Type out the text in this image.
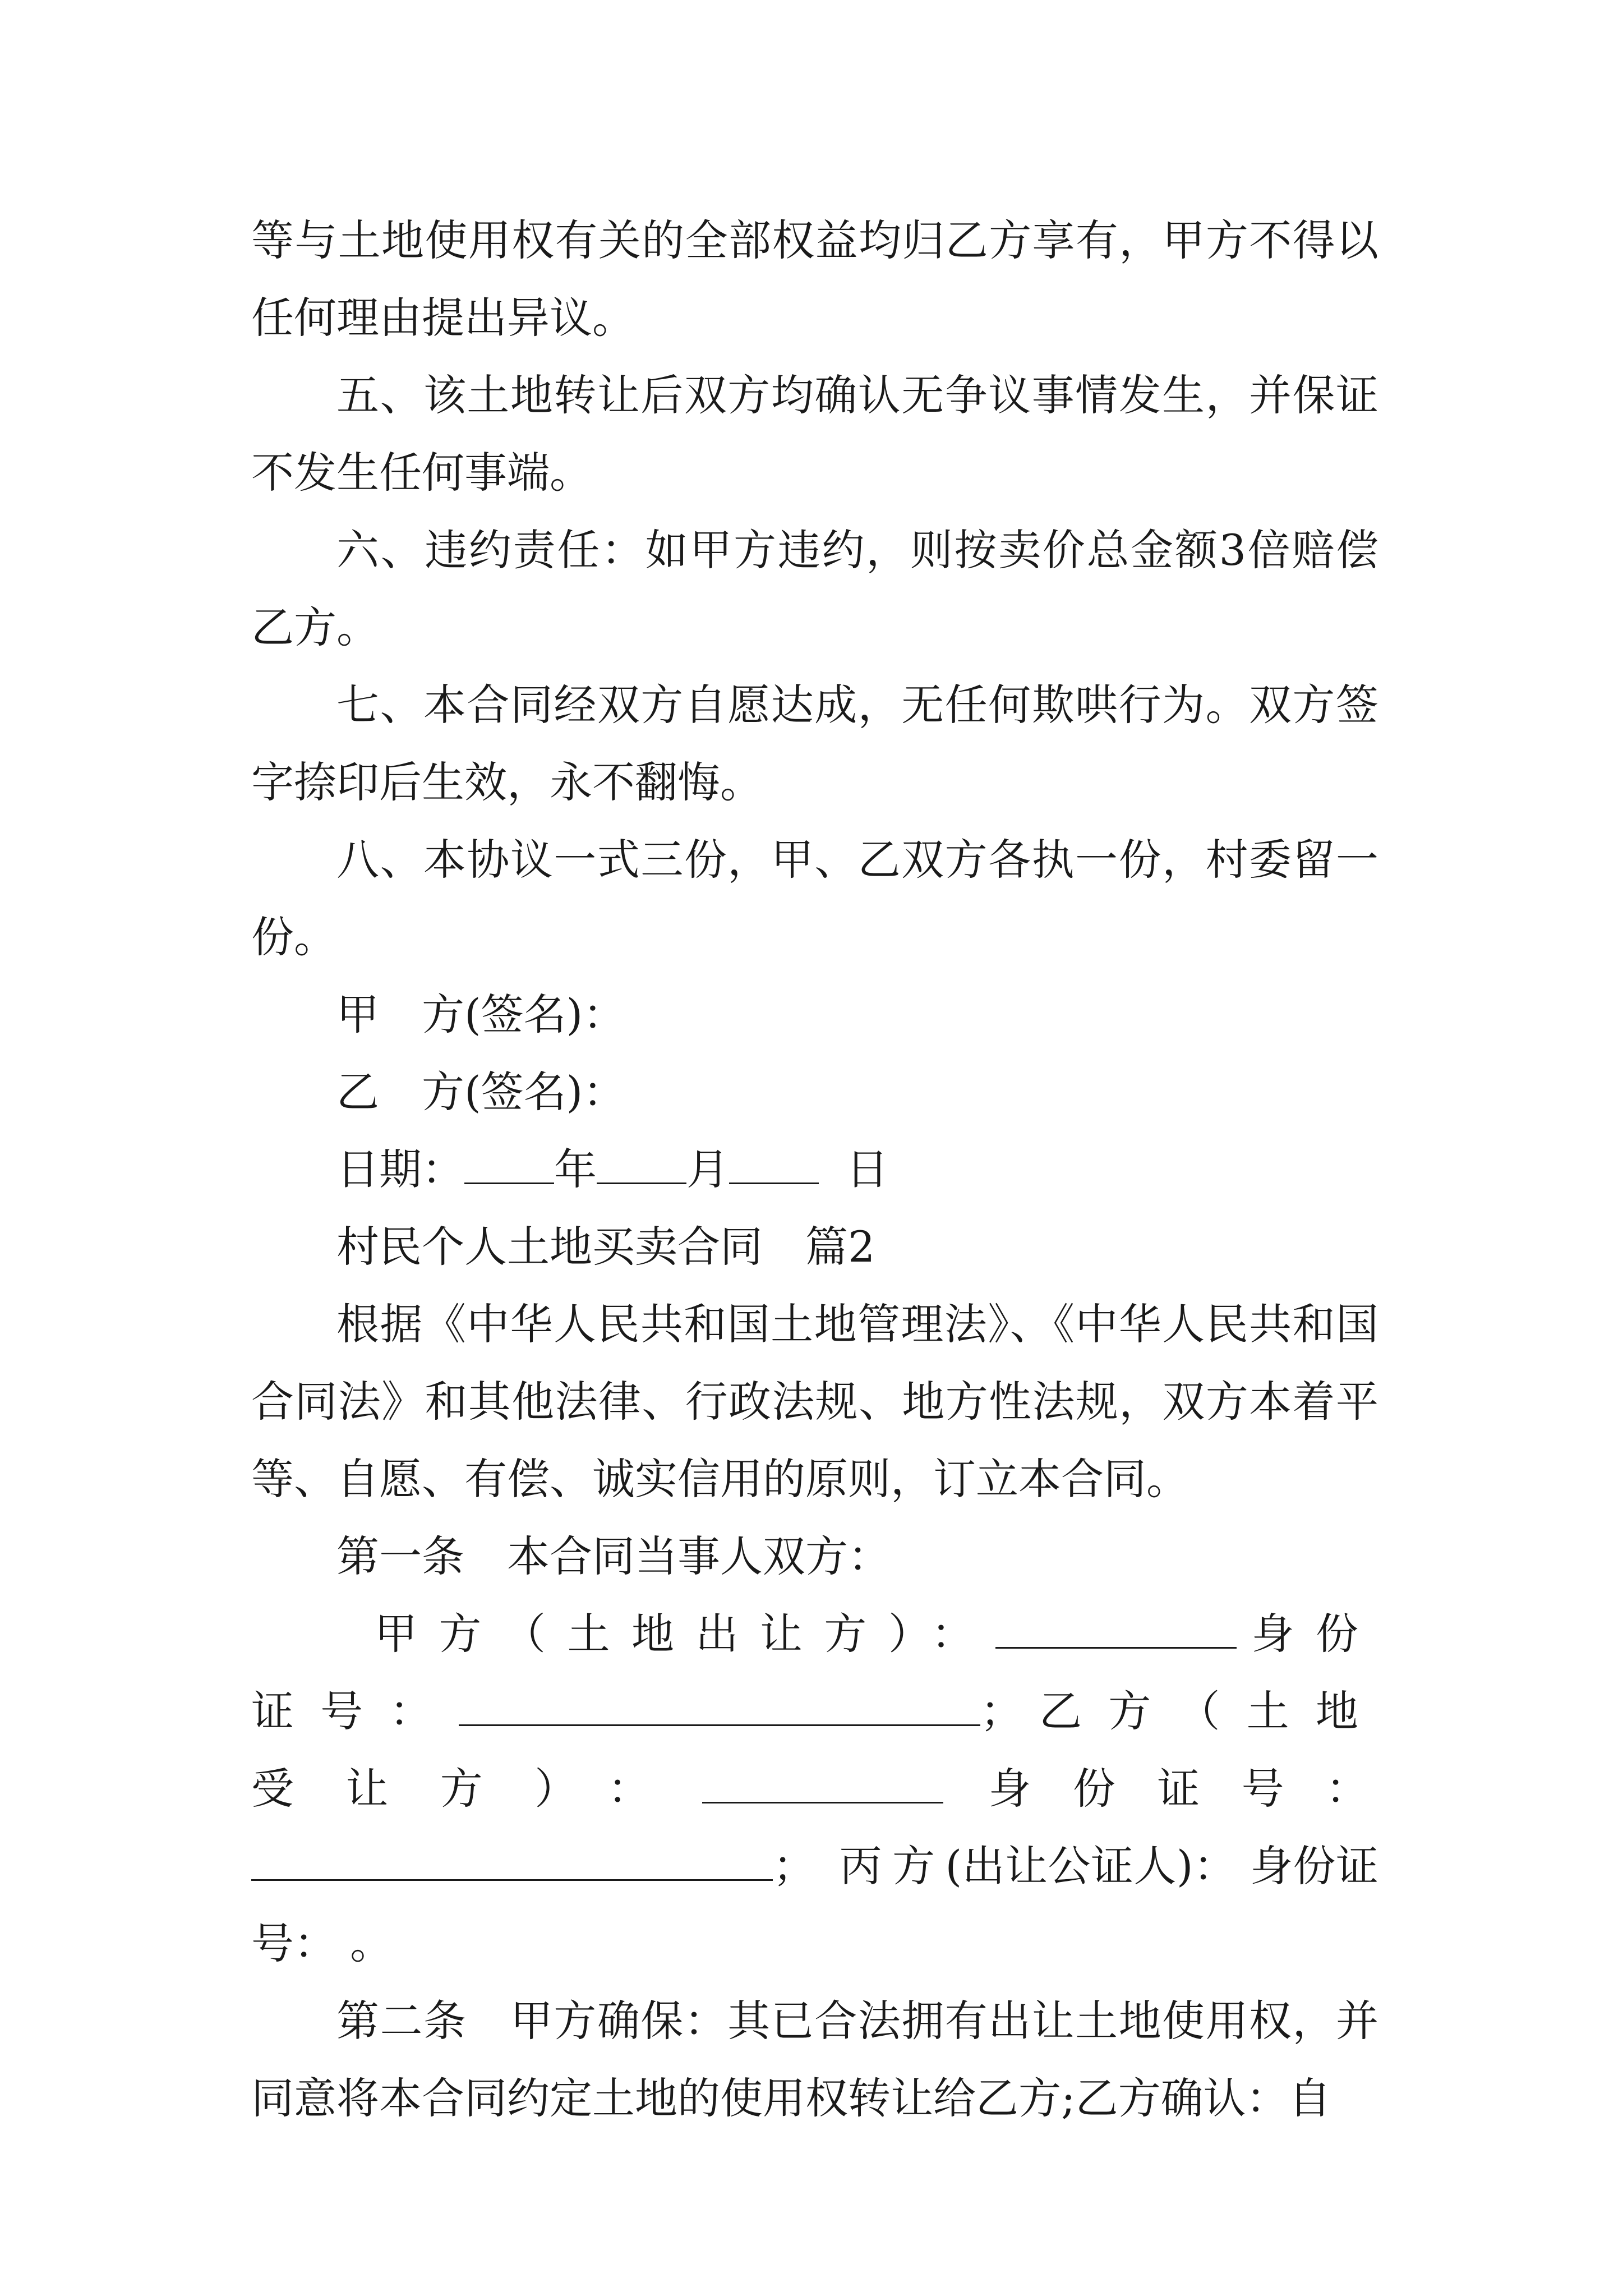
等与土地使用权有关的全部权益均归乙方享有，甲方不得以任何理由提出异议。

五、该土地转让后双方均确认无争议事情发生，并保证不发生任何事端。

六、违约责任：如甲方违约，则按卖价总金额3倍赔偿乙方。

七、本合同经双方自愿达成，无任何欺哄行为。双方签字捺印后生效，永不翻悔。

八、本协议一式三份，甲、乙双方各执一份，村委留一份。

甲　方(签名)：

乙　方(签名)：

日期： 年 月	日

村民个人土地买卖合同　篇2

根据《中华人民共和国土地管理法》、《中华人民共和国合同法》和其他法律、行政法规、地方性法规，双方本着平等、自愿、有偿、诚实信用的原则，订立本合同。

第一条　本合同当事人双方：

甲方（土地出让方）：	身份证号：	；乙方（土地受让方）：	身份证号：； 丙方(出让公证人)： 身份证号： 。

第二条　甲方确保：其已合法拥有出让土地使用权，并同意将本合同约定土地的使用权转让给乙方;乙方确认：自
